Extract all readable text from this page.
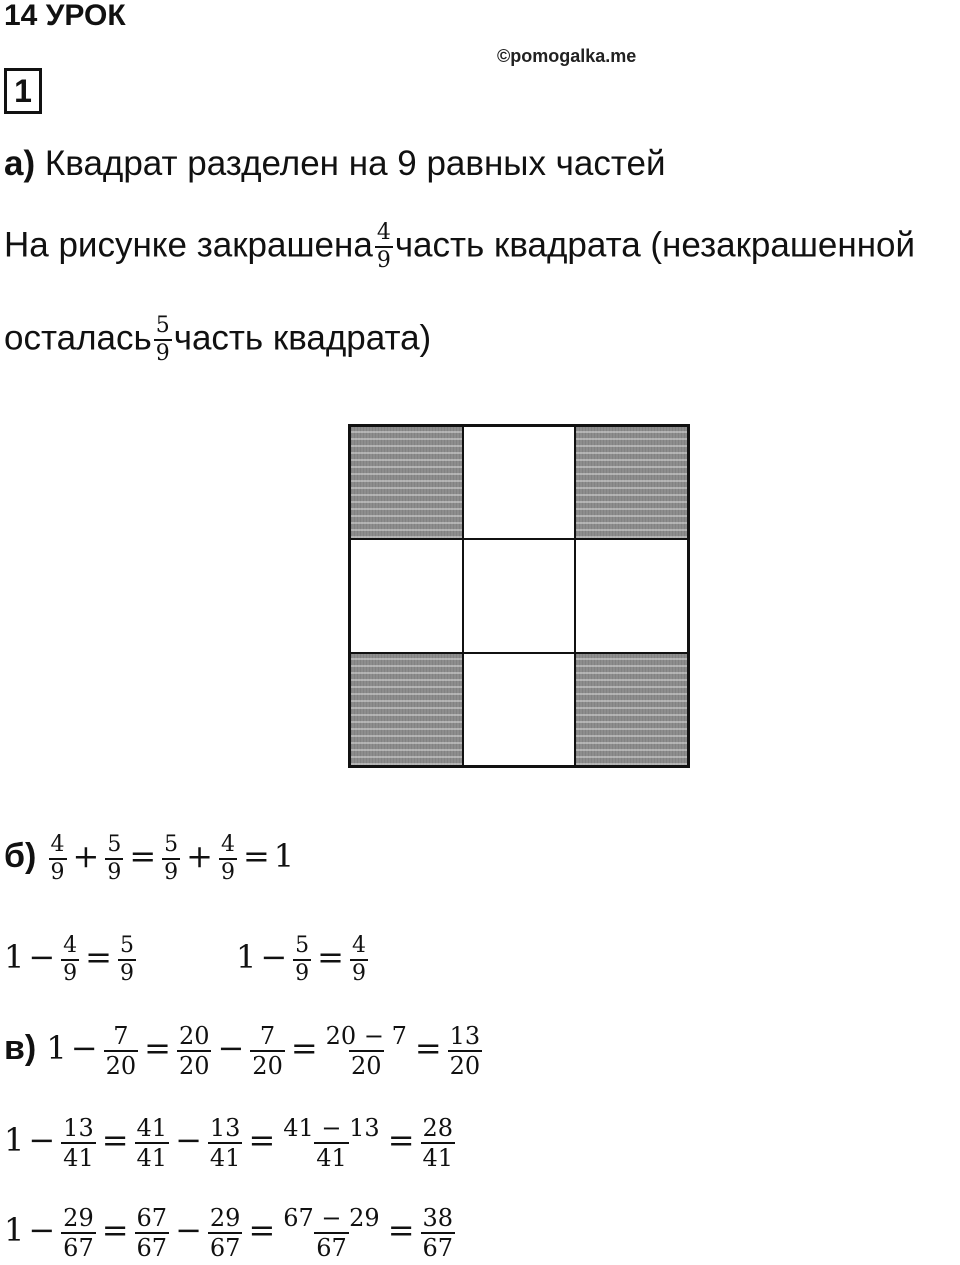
14 УРОК
©pomogalka.me
1
а) Квадрат разделен на 9 равных частей
На рисунке закрашена $\frac{4}{9}$ часть квадрата (незакрашенной
осталась $\frac{5}{9}$ часть квадрата)
$б) \frac{4}{9} + \frac{5}{9} = \frac{5}{9} + \frac{4}{9} = 1$
$1 - \frac{4}{9} = \frac{5}{9}$	$1 - \frac{5}{9} = \frac{4}{9}$
в) $1 - \frac{7}{20} = \frac{20}{20} - \frac{7}{20} = \frac{20 - 7}{20} = \frac{13}{20}$
$1 - \frac{13}{41} = \frac{41}{41} - \frac{13}{41} = \frac{41 - 13}{41} = \frac{28}{41}$
$1 - \frac{29}{67} = \frac{67}{67} - \frac{29}{67} = \frac{67 - 29}{67} = \frac{38}{67}$
